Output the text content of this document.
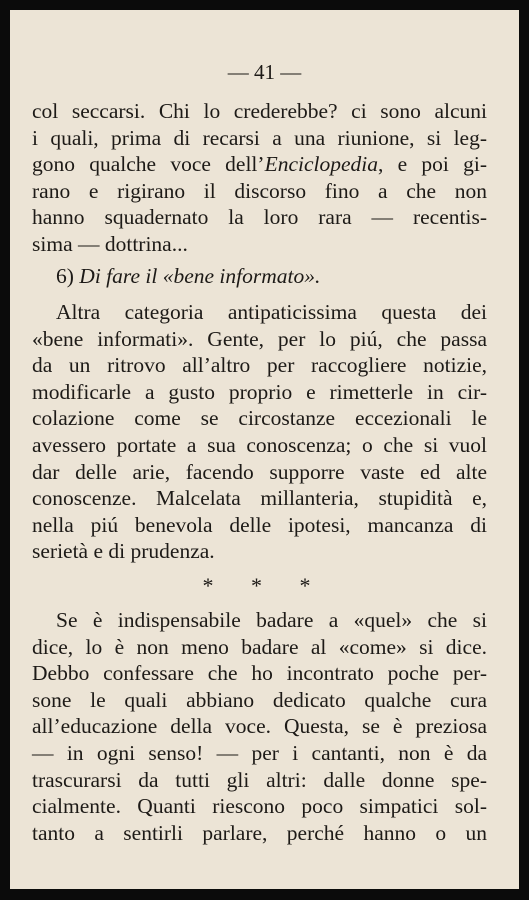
— 41 —
col seccarsi. Chi lo crederebbe? ci sono alcuni
i quali, prima di recarsi a una riunione, si leg-
gono qualche voce dell’Enciclopedia, e poi gi-
rano e rigirano il discorso fino a che non
hanno squadernato la loro rara — recentis-
sima — dottrina...
6) Di fare il «bene informato».
Altra categoria antipaticissima questa dei
«bene informati». Gente, per lo piú, che passa
da un ritrovo all’altro per raccogliere notizie,
modificarle a gusto proprio e rimetterle in cir-
colazione come se circostanze eccezionali le
avessero portate a sua conoscenza; o che si vuol
dar delle arie, facendo supporre vaste ed alte
conoscenze. Malcelata millanteria, stupidità e,
nella piú benevola delle ipotesi, mancanza di
serietà e di prudenza.
* * *
Se è indispensabile badare a «quel» che si
dice, lo è non meno badare al «come» si dice.
Debbo confessare che ho incontrato poche per-
sone le quali abbiano dedicato qualche cura
all’educazione della voce. Questa, se è preziosa
— in ogni senso! — per i cantanti, non è da
trascurarsi da tutti gli altri: dalle donne spe-
cialmente. Quanti riescono poco simpatici sol-
tanto a sentirli parlare, perché hanno o un
